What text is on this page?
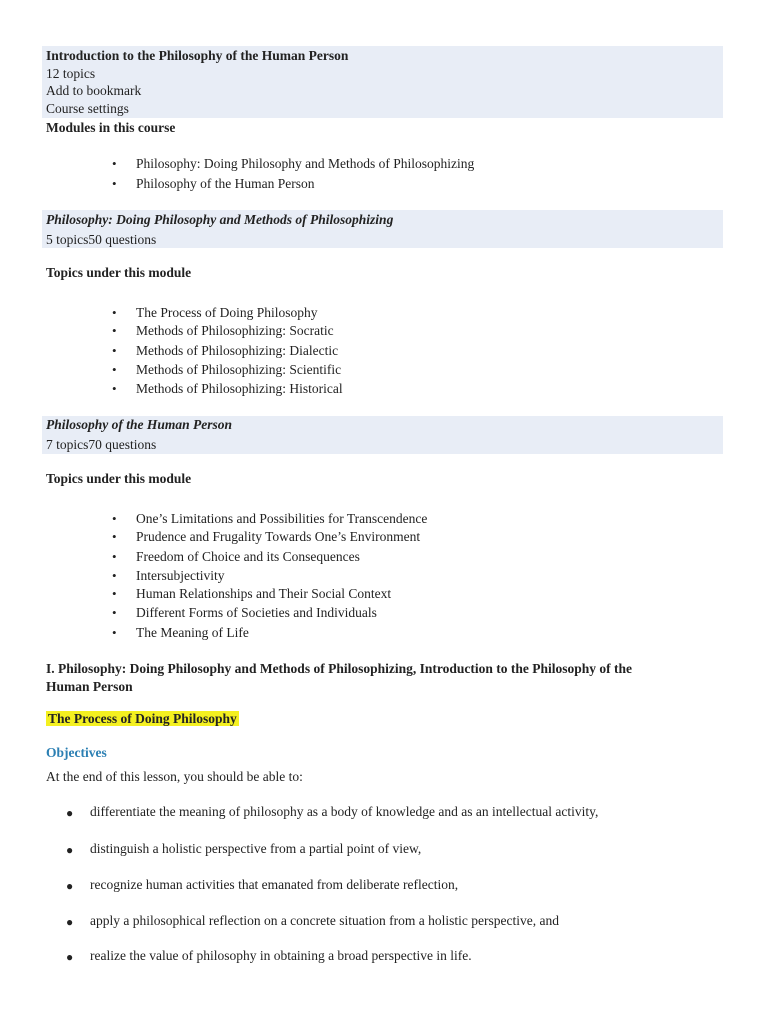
Introduction to the Philosophy of the Human Person
12 topics
Add to bookmark
Course settings
Modules in this course
• Philosophy: Doing Philosophy and Methods of Philosophizing
• Philosophy of the Human Person
Philosophy: Doing Philosophy and Methods of Philosophizing
5 topics50 questions
Topics under this module
• The Process of Doing Philosophy
• Methods of Philosophizing: Socratic
• Methods of Philosophizing: Dialectic
• Methods of Philosophizing: Scientific
• Methods of Philosophizing: Historical
Philosophy of the Human Person
7 topics70 questions
Topics under this module
• One’s Limitations and Possibilities for Transcendence
• Prudence and Frugality Towards One’s Environment
• Freedom of Choice and its Consequences
• Intersubjectivity
• Human Relationships and Their Social Context
• Different Forms of Societies and Individuals
• The Meaning of Life
I. Philosophy: Doing Philosophy and Methods of Philosophizing, Introduction to the Philosophy of the
Human Person
The Process of Doing Philosophy
Objectives
At the end of this lesson, you should be able to:
● differentiate the meaning of philosophy as a body of knowledge and as an intellectual activity,
● distinguish a holistic perspective from a partial point of view,
● recognize human activities that emanated from deliberate reflection,
● apply a philosophical reflection on a concrete situation from a holistic perspective, and
● realize the value of philosophy in obtaining a broad perspective in life.
